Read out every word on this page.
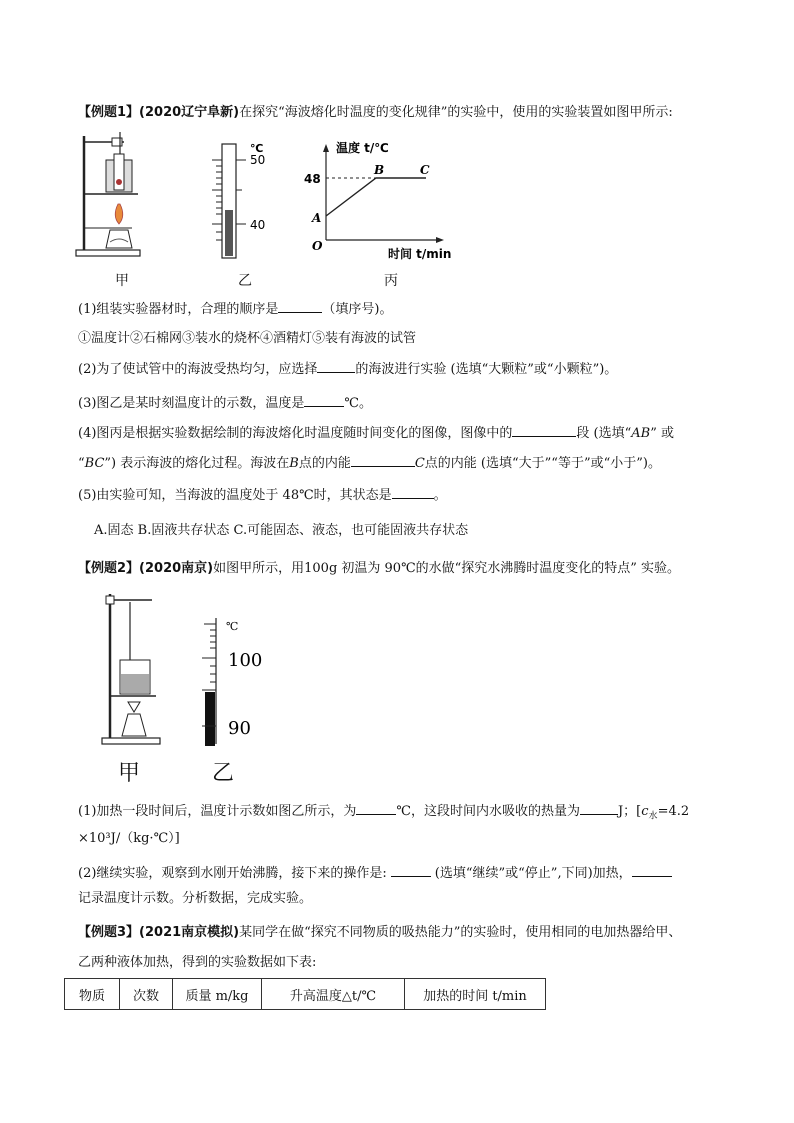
【例题1】(2020辽宁阜新)在探究“海波熔化时温度的变化规律”的实验中，使用的实验装置如图甲所示:
甲
℃
50
40
乙
温度 t/℃
48
A
B	C
O
时间 t/min
丙
(1)组装实验器材时，合理的顺序是	（填序号)。
①温度计②石棉网③装水的烧杯④酒精灯⑤装有海波的试管
(2)为了使试管中的海波受热均匀，应选择	的海波进行实验 (选填“大颗粒”或“小颗粒”)。
(3)图乙是某时刻温度计的示数，温度是	℃。
(4)图丙是根据实验数据绘制的海波熔化时温度随时间变化的图像，图像中的	段 (选填“AB” 或
“BC”) 表示海波的熔化过程。海波在B点的内能	C点的内能 (选填“大于”“等于”或“小于”)。
(5)由实验可知，当海波的温度处于 48℃时，其状态是	。
A.固态 B.固液共存状态 C.可能固态、液态，也可能固液共存状态
【例题2】(2020南京)如图甲所示，用100g 初温为 90℃的水做“探究水沸腾时温度变化的特点” 实验。
甲
℃
100
90
乙
(1)加热一段时间后，温度计示数如图乙所示，为	℃，这段时间内水吸收的热量为	J；[$c_水=4.2$
×10³J/（kg·℃）]
(2)继续实验，观察到水刚开始沸腾，接下来的操作是:	(选填“继续”或“停止”,下同)加热，
记录温度计示数。分析数据，完成实验。
【例题3】(2021南京模拟)某同学在做“探究不同物质的吸热能力”的实验时，使用相同的电加热器给甲、
乙两种液体加热，得到的实验数据如下表:
物质	次数	质量 m/kg	升高温度△t/℃	加热的时间 t/min
